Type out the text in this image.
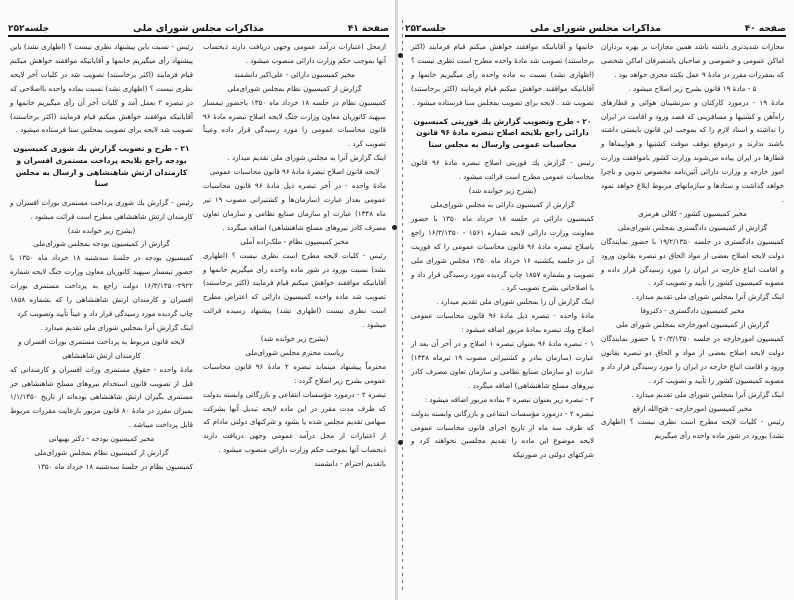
صفحة ۴۱
مذاکرات مجلس شورای ملی
جلسه۲۵۲

رئیس - نسبت باین پیشنهاد نظری نیست ؟ (اظهاری نشد) باین پیشنهاد رأی میگیریم خانمها و آقایانیکه موافقند خواهش میکنم قیام فرمایند (اکثر برخاستند) تصویب شد در کلیات آخر لایحه نظری نیست ؟ (اظهاری نشد) نسبت بماده واحده بااصلاحی که در تبصره ۲ بعمل آمد و کلیات آخر آن رأی میگیریم خانمها و آقایانیکه موافقند خواهش میکنم قیام فرمایند (اکثر برخاستند) تصویب شد لایحه برای تصویب بمجلس سنا فرستاده میشود .

۲۱ - طرح و تصویب گزارش یك شوری کمیسیون بودجه راجع بلایحه پرداخت مستمری افسران و کارمندان ارتش شاهنشاهی و ارسال به مجلس سنا

رئیس - گزارش یك شوری پرداخت مستمری بوراث افسران و کارمندان ارتش شاهنشاهی مطرح است قرائت میشود .

(بشرح زیر خوانده شد)

گزارش از کمیسیون بودجه بمجلس شورای‌ملی

کمیسیون بودجه در جلسهٔ سه‌شنبه ۱۸ خرداد ماه ۱۳۵۰ با حضور تیمسار سپهبد کاتوزیان معاون وزارت جنگ لایحه شماره ۲۹۲۲-۱۶/۳/۱۳۵۰ دولت راجع به پرداخت مستمری بوراث افسران و کارمندان ارتش شاهنشاهی را که بشماره ۱۸۵۸ چاپ گردیده مورد رسیدگی قرار داد و عیناً تأیید وتصویب کرد

اینک گزارش آنرا بمجلس شورای ملی تقدیم میدارد .

لایحه قانون مربوط به پرداخت مستمری بوراث افسران و کارمندان ارتش شاهنشاهی

مادهٔ واحده - حقوق مستمری وراث افسران و کارمندانی که قبل از تصویب قانون استخدام نیروهای مسلح شاهنشاهی جز مستمری بگیران ارتش شاهنشاهی بوده‌اند از تاریخ ۱/۱/۱۳۵۰ بمیزان مقرر در مادهٔ ۸۰ قانون مزبور بارعایت مقررات مربوط قابل پرداخت میباشد .

مخبر کمیسیون بودجه - دکتر بهبهانی

گزارش از کمیسیون نظام بمجلس شورای‌ملی

کمیسیون نظام در جلسهٔ سه‌شنبه ۱۸ خرداد ماه ۱۳۵۰

ازمحل اعتبارات درآمد عمومی وجهی دریافت دارند ذیحساب آنها بموجب حکم وزارت دارائی منصوب میشود .

مخبر کمیسیون دارائی - علی‌اکبر دانشمند

گزارش از کمیسیون نظام بمجلس شورای‌ملی

کمیسیون نظام در جلسه ۱۸ خرداد ماه ۱۳۵۰ باحضور تیمسار سپهبد کاتوزیان معاون وزارت جنگ لایحه اصلاح تبصره مادهٔ ۹۶ قانون محاسبات عمومی را مورد رسیدگی قرار داده وعیناً تصویب کرد .

اینک گزارش آنرا به مجلس شورای ملی تقدیم میدارد .

لایحه قانون اصلاح تبصرهٔ مادهٔ ۹۶ قانون محاسبات عمومی

مادهٔ واحده - در آخر تبصره ذیل مادهٔ ۹۶ قانون محاسبات عمومی بعداز عبارت (سازمان‌ها و کشتیرانی مصوب ۱۹ تیر ماه ۱۳۴۸) عبارت (و سازمان صنایع نظامی و سازمان تعاون مصرف کادر نیروهای مسلح شاهنشاهی) اضافه میگردد .

مخبر کمیسیون نظام - ملک‌زاده آملی

رئیس - کلیات لایحه مطرح است نظری نیست ؟ (اظهاری نشد) نسبت بورود در شور ماده واحده رأی میگیریم خانمها و آقایانیکه موافقند خواهش میکنم قیام فرمایند (اکثر برخاستند) تصویب شد ماده واحده کمیسیون دارائی که اعتراض مطرح است نظری نیست (اظهاری نشد) پیشنهاد رسیده قرائت میشود .

(بشرح زیر خوانده شد)

ریاست محترم مجلس شورای‌ملی

محترماً پیشنهاد مینماید تبصره ۲ مادهٔ ۹۶ قانون محاسبات عمومی بشرح زیر اصلاح گردد :

تبصره ۲ - درمورد مؤسسات انتفاعی و بازرگانی وابسته بدولت که ظرف مدت مقرر در این ماده لایحه تبدیل آنها بشرکت سهامی تقدیم مجلس شده یا بشود و شرکتهای دولتی مادام که از اعتبارات از محل درآمد عمومی وجهی دریافت دارند ذیحساب آنها بموجب حکم وزارت دارائی منصوب میشود .

باتقدیم احترام - دانشمند

صفحه ۴۰
مذاکرات مجلس شورای ملی
جلسه۲۵۲

خانمها و آقایانیکه موافقند خواهش میکنم قیام فرمایند (اکثر برخاستند) تصویب شد مادهٔ واحده مطرح است نظری نیست ؟ (اظهاری نشد) نسبت به ماده واحده رأی میگیریم خانمها و آقایانیکه موافقند خواهش میکنم قیام فرمایند (اکثر برخاستند) تصویب شد . لایحه برای تصویب بمجلس سنا فرستاده میشود .

۲۰ - طرح وتصویب گزارش یك فوریتی کمیسیون دارائی راجع بلایحه اصلاح تبصره مادهٔ ۹۶ قانون محاسبات عمومی وارسال به مجلس سنا

رئیس - گزارش یك فوریتی اصلاح تبصره مادهٔ ۹۶ قانون محاسبات عمومی مطرح است قرائت میشود .

(بشرح زیر خوانده شد)

گزارش از کمیسیون دارائی به مجلس شورای‌ملی

کمیسیون دارائی در جلسه ۱۸ خرداد ماه ۱۳۵۰ با حضور معاونت وزارت دارائی لایحه شماره ۱۵۶۱ - ۱۶/۳/۱۳۵۰ راجع باصلاح تبصره مادهٔ ۹۶ قانون محاسبات عمومی را که فوریت آن در جلسه یکشنبه ۱۶ خرداد ماه ۱۳۵۰ مجلس شورای ملی تصویب و بشماره ۱۸۵۷ چاپ گردیده مورد رسیدگی قرار داد و با اصلاحاتی بشرح تصویب کرد .

اینک گزارش آن را بمجلس شورای ملی تقدیم میدارد .

مادهٔ واحده - تبصره ذیل مادهٔ ۹۶ قانون محاسبات عمومی اصلاح ویك تبصره بمادهٔ مزبور اضافه میشود :

۱ - تبصره مادهٔ ۹۶ بعنوان تبصره ۱ اصلاح و در آخر آن بعد از عبارت (سازمان بنادر و کشتیرانی مصوب ۱۹ تیرماه ۱۳۴۸) عبارت (و سازمان صنایع نظامی و سازمان تعاون مصرف کادر نیروهای مسلح شاهنشاهی) اضافه میگردد .

۲ - تبصره زیر بعنوان تبصره ۲ بماده مزبور اضافه میشود :

تبصره ۲ - درمورد مؤسسات انتفاعی و بازرگانی وابسته بدولت که ظرف سه ماه از تاریخ اجرای قانون محاسبات عمومی لایحه موضوع این ماده را تقدیم مجلسین نخواهند کرد و شرکتهای دولتی در صورتیکه

مجازات شدیدتری داشته باشد همین مجازات بر بهره برداران اماکن عمومی و خصوصی و صاحبان یامتصرفان اماکن شخصی که بمقررات مقرر در مادهٔ ۹ عمل نکنند مجری خواهد بود .

۵ - مادهٔ ۱۹ قانون بشرح زیر اصلاح میشود .

مادهٔ ۱۹ - درمورد کارکنان و سرنشینان هوائی و قطارهای راه‌آهن و کشتیها و مسافرینی که قصد ورود و اقامت در ایران را نداشته و اسناد لازم را که بموجب این قانون بایستی داشته باشند ندارند و درموقع توقف موقت کشتیها و هواپیماها و قطارها در ایران پیاده می‌شوند وزارت کشور باموافقت وزارت امور خارجه و وزارت دارائی آئین‌نامه مخصوص تدوین و باجرا خواهد گذاشت و ستادها و سازمانهای مربوط ابلاغ خواهد نمود .

مخبر کمیسیون کشور - کلالی هرمزی

گزارش از کمیسیون دادگستری بمجلس شورای‌ملی

کمیسیون دادگستری در جلسه ۱۹/۲/۱۳۵۰ با حضور نمایندگان دولت لایحه اصلاح بعضی از مواد الحاق دو تبصره بقانون ورود و اقامت اتباع خارجه در ایران را مورد رسیدگی قرار داده و مصوبه کمیسیون کشور را تأیید و تصویب کرد .

اینک گزارش آنرا بمجلس شورای ملی تقدیم میدارد .

مخبر کمیسیون دادگستری - دکتروفا

گزارش از کمیسیون امورخارجه بمجلس شورای ملی

کمیسیون امورخارجه در جلسه ۲۰/۳/۱۳۵۰ با حضور نمایندگان دولت لایحه اصلاح بعضی از مواد و الحاق دو تبصره بقانون ورود و اقامت اتباع خارجه در ایران را مورد رسیدگی قرار داد و مصوبه کمیسیون کشور را تأیید و تصویب کرد .

اینک گزارش آنرا بمجلس شورای ملی تقدیم میدارد .

مخبر کمیسیون امورخارجه - فتح‌الله ارفع

رئیس - کلیات لایحه مطرح است نظری نیست ؟ (اظهاری نشد) بورود در شور ماده واحده رأی میگیریم
